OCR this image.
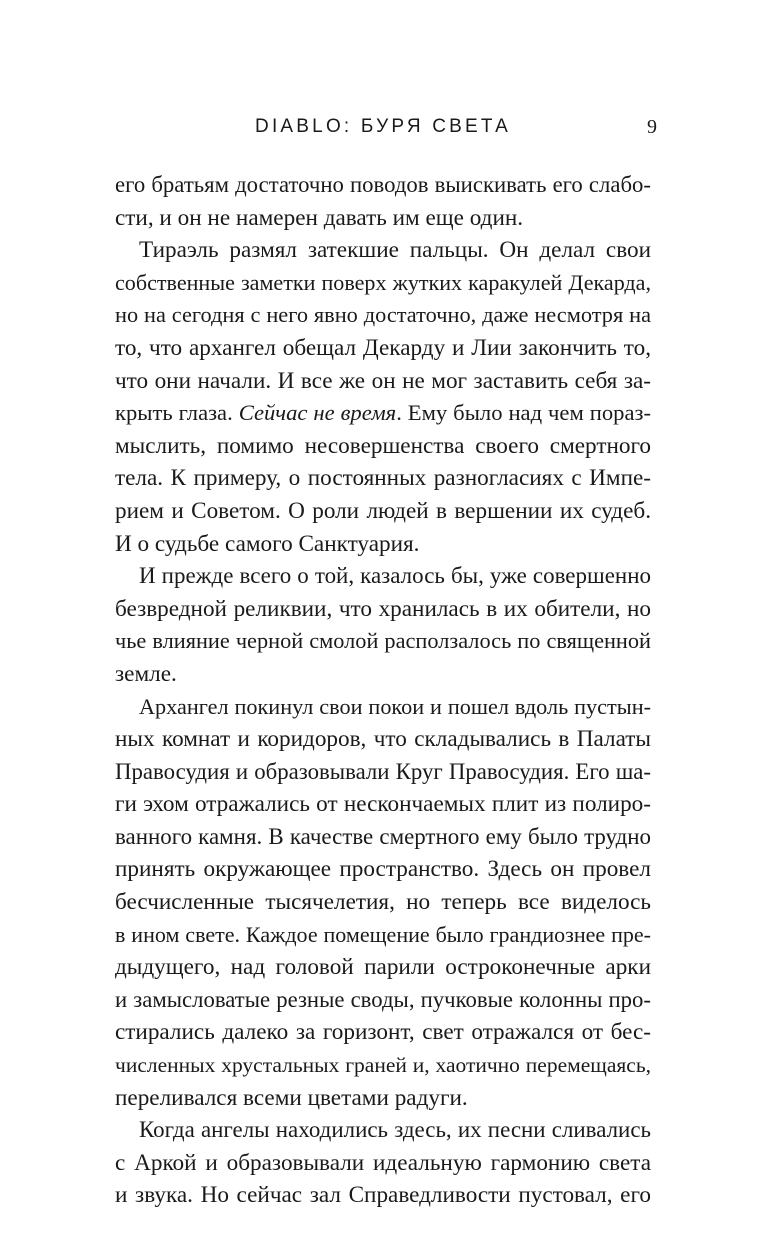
DIABLO: БУРЯ СВЕТА	9
его братьям достаточно поводов выискивать его слабо-
сти, и он не намерен давать им еще один.
Тираэль размял затекшие пальцы. Он делал свои
собственные заметки поверх жутких каракулей Декарда,
но на сегодня с него явно достаточно, даже несмотря на
то, что архангел обещал Декарду и Лии закончить то,
что они начали. И все же он не мог заставить себя за-
крыть глаза. Сейчас не время. Ему было над чем пораз-
мыслить, помимо несовершенства своего смертного
тела. К примеру, о постоянных разногласиях с Импе-
рием и Советом. О роли людей в вершении их судеб.
И о судьбе самого Санктуария.
И прежде всего о той, казалось бы, уже совершенно
безвредной реликвии, что хранилась в их обители, но
чье влияние черной смолой расползалось по священной
земле.
Архангел покинул свои покои и пошел вдоль пустын-
ных комнат и коридоров, что складывались в Палаты
Правосудия и образовывали Круг Правосудия. Его ша-
ги эхом отражались от нескончаемых плит из полиро-
ванного камня. В качестве смертного ему было трудно
принять окружающее пространство. Здесь он провел
бесчисленные тысячелетия, но теперь все виделось
в ином свете. Каждое помещение было грандиознее пре-
дыдущего, над головой парили остроконечные арки
и замысловатые резные своды, пучковые колонны про-
стирались далеко за горизонт, свет отражался от бес-
численных хрустальных граней и, хаотично перемещаясь,
переливался всеми цветами радуги.
Когда ангелы находились здесь, их песни сливались
с Аркой и образовывали идеальную гармонию света
и звука. Но сейчас зал Справедливости пустовал, его
